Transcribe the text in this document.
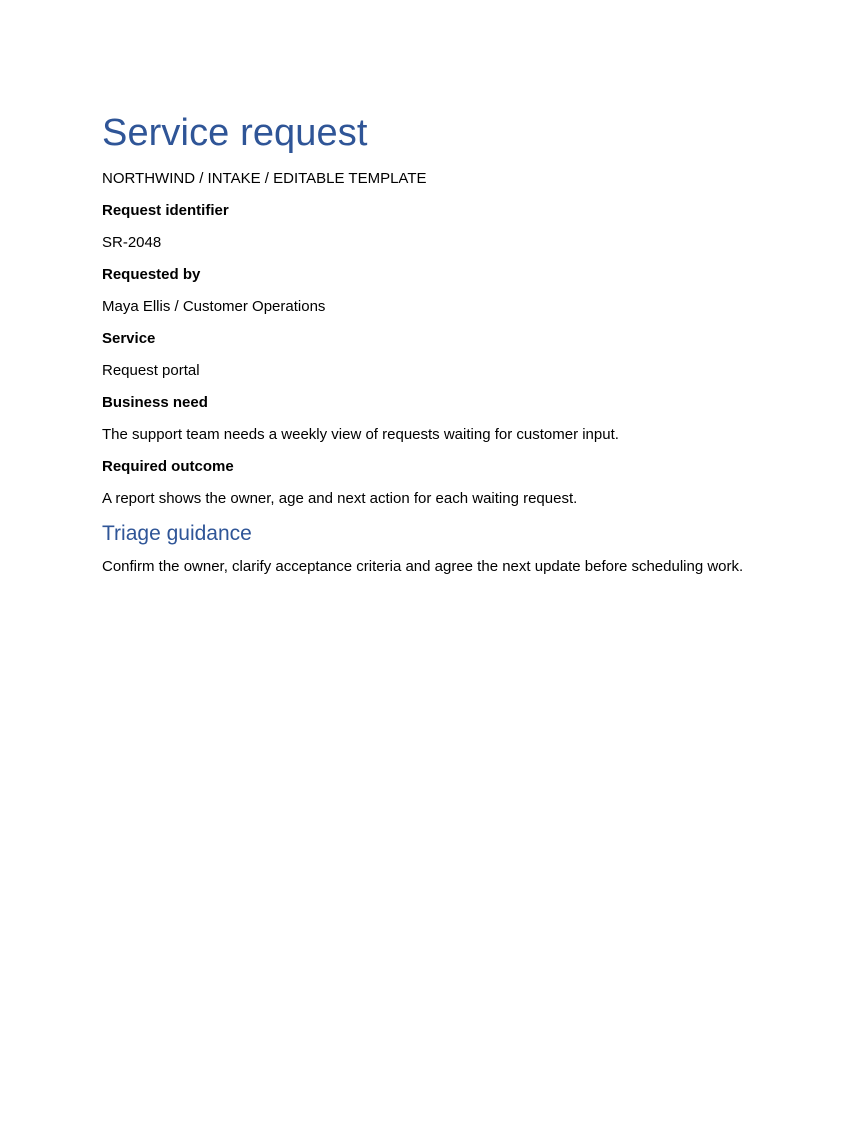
Service request

NORTHWIND / INTAKE / EDITABLE TEMPLATE

Request identifier

SR-2048

Requested by

Maya Ellis / Customer Operations

Service

Request portal

Business need

The support team needs a weekly view of requests waiting for customer input.

Required outcome

A report shows the owner, age and next action for each waiting request.

Triage guidance

Confirm the owner, clarify acceptance criteria and agree the next update before scheduling work.
